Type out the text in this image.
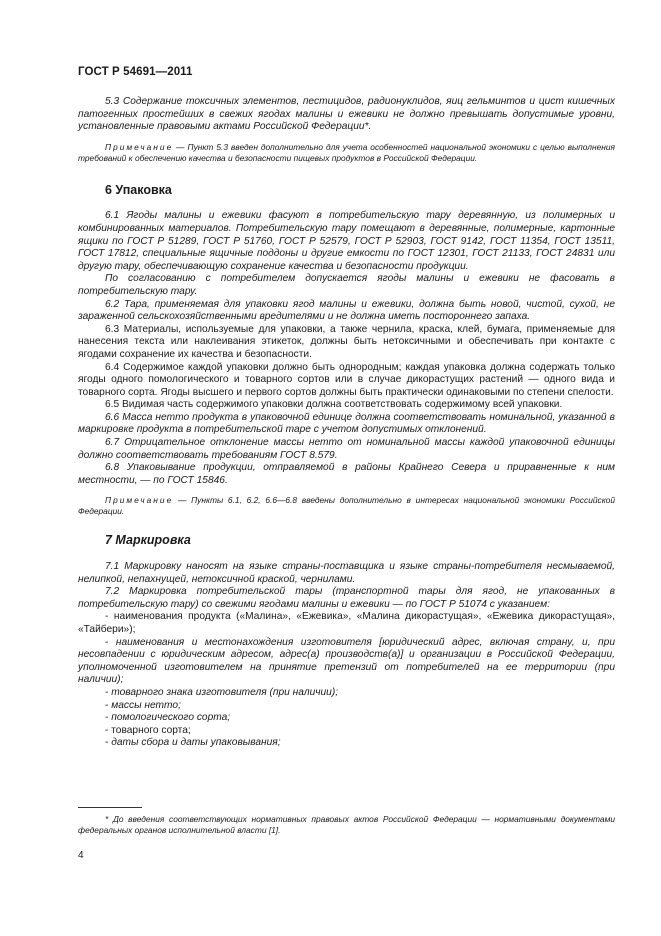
ГОСТ Р 54691—2011

5.3 Содержание токсичных элементов, пестицидов, радионуклидов, яиц гельминтов и цист кишечных патогенных простейших в свежих ягодах малины и ежевики не должно превышать допустимые уровни, установленные правовыми актами Российской Федерации*.

Примечание — Пункт 5.3 введен дополнительно для учета особенностей национальной экономики с целью выполнения требований к обеспечению качества и безопасности пищевых продуктов в Российской Федерации.

6 Упаковка

6.1 Ягоды малины и ежевики фасуют в потребительскую тару деревянную, из полимерных и комбинированных материалов. Потребительскую тару помещают в деревянные, полимерные, картонные ящики по ГОСТ Р 51289, ГОСТ Р 51760, ГОСТ Р 52579, ГОСТ Р 52903, ГОСТ 9142, ГОСТ 11354, ГОСТ 13511, ГОСТ 17812, специальные ящичные поддоны и другие емкости по ГОСТ 12301, ГОСТ 21133, ГОСТ 24831 или другую тару, обеспечивающую сохранение качества и безопасности продукции.

По согласованию с потребителем допускается ягоды малины и ежевики не фасовать в потребительскую тару.

6.2 Тара, применяемая для упаковки ягод малины и ежевики, должна быть новой, чистой, сухой, не зараженной сельскохозяйственными вредителями и не должна иметь постороннего запаха.

6.3 Материалы, используемые для упаковки, а также чернила, краска, клей, бумага, применяемые для нанесения текста или наклеивания этикеток, должны быть нетоксичными и обеспечивать при контакте с ягодами сохранение их качества и безопасности.

6.4 Содержимое каждой упаковки должно быть однородным; каждая упаковка должна содержать только ягоды одного помологического и товарного сортов или в случае дикорастущих растений — одного вида и товарного сорта. Ягоды высшего и первого сортов должны быть практически одинаковыми по степени спелости.

6.5 Видимая часть содержимого упаковки должна соответствовать содержимому всей упаковки.

6.6 Масса нетто продукта в упаковочной единице должна соответствовать номинальной, указанной в маркировке продукта в потребительской таре с учетом допустимых отклонений.

6.7 Отрицательное отклонение массы нетто от номинальной массы каждой упаковочной единицы должно соответствовать требованиям ГОСТ 8.579.

6.8 Упаковывание продукции, отправляемой в районы Крайнего Севера и приравненные к ним местности, — по ГОСТ 15846.

Примечание — Пункты 6.1, 6.2, 6.6—6.8 введены дополнительно в интересах национальной экономики Российской Федерации.

7 Маркировка

7.1 Маркировку наносят на языке страны-поставщика и языке страны-потребителя несмываемой, нелипкой, непахнущей, нетоксичной краской, чернилами.

7.2 Маркировка потребительской тары (транспортной тары для ягод, не упакованных в потребительскую тару) со свежими ягодами малины и ежевики — по ГОСТ Р 51074 с указанием:

- наименования продукта («Малина», «Ежевика», «Малина дикорастущая», «Ежевика дикорастущая», «Тайбери»);
- наименования и местонахождения изготовителя [юридический адрес, включая страну, и, при несовпадении с юридическим адресом, адрес(а) производств(а)] и организации в Российской Федерации, уполномоченной изготовителем на принятие претензий от потребителей на ее территории (при наличии);
- товарного знака изготовителя (при наличии);
- массы нетто;
- помологического сорта;
- товарного сорта;
- даты сбора и даты упаковывания;
* До введения соответствующих нормативных правовых актов Российской Федерации — нормативными документами федеральных органов исполнительной власти [1].
4
